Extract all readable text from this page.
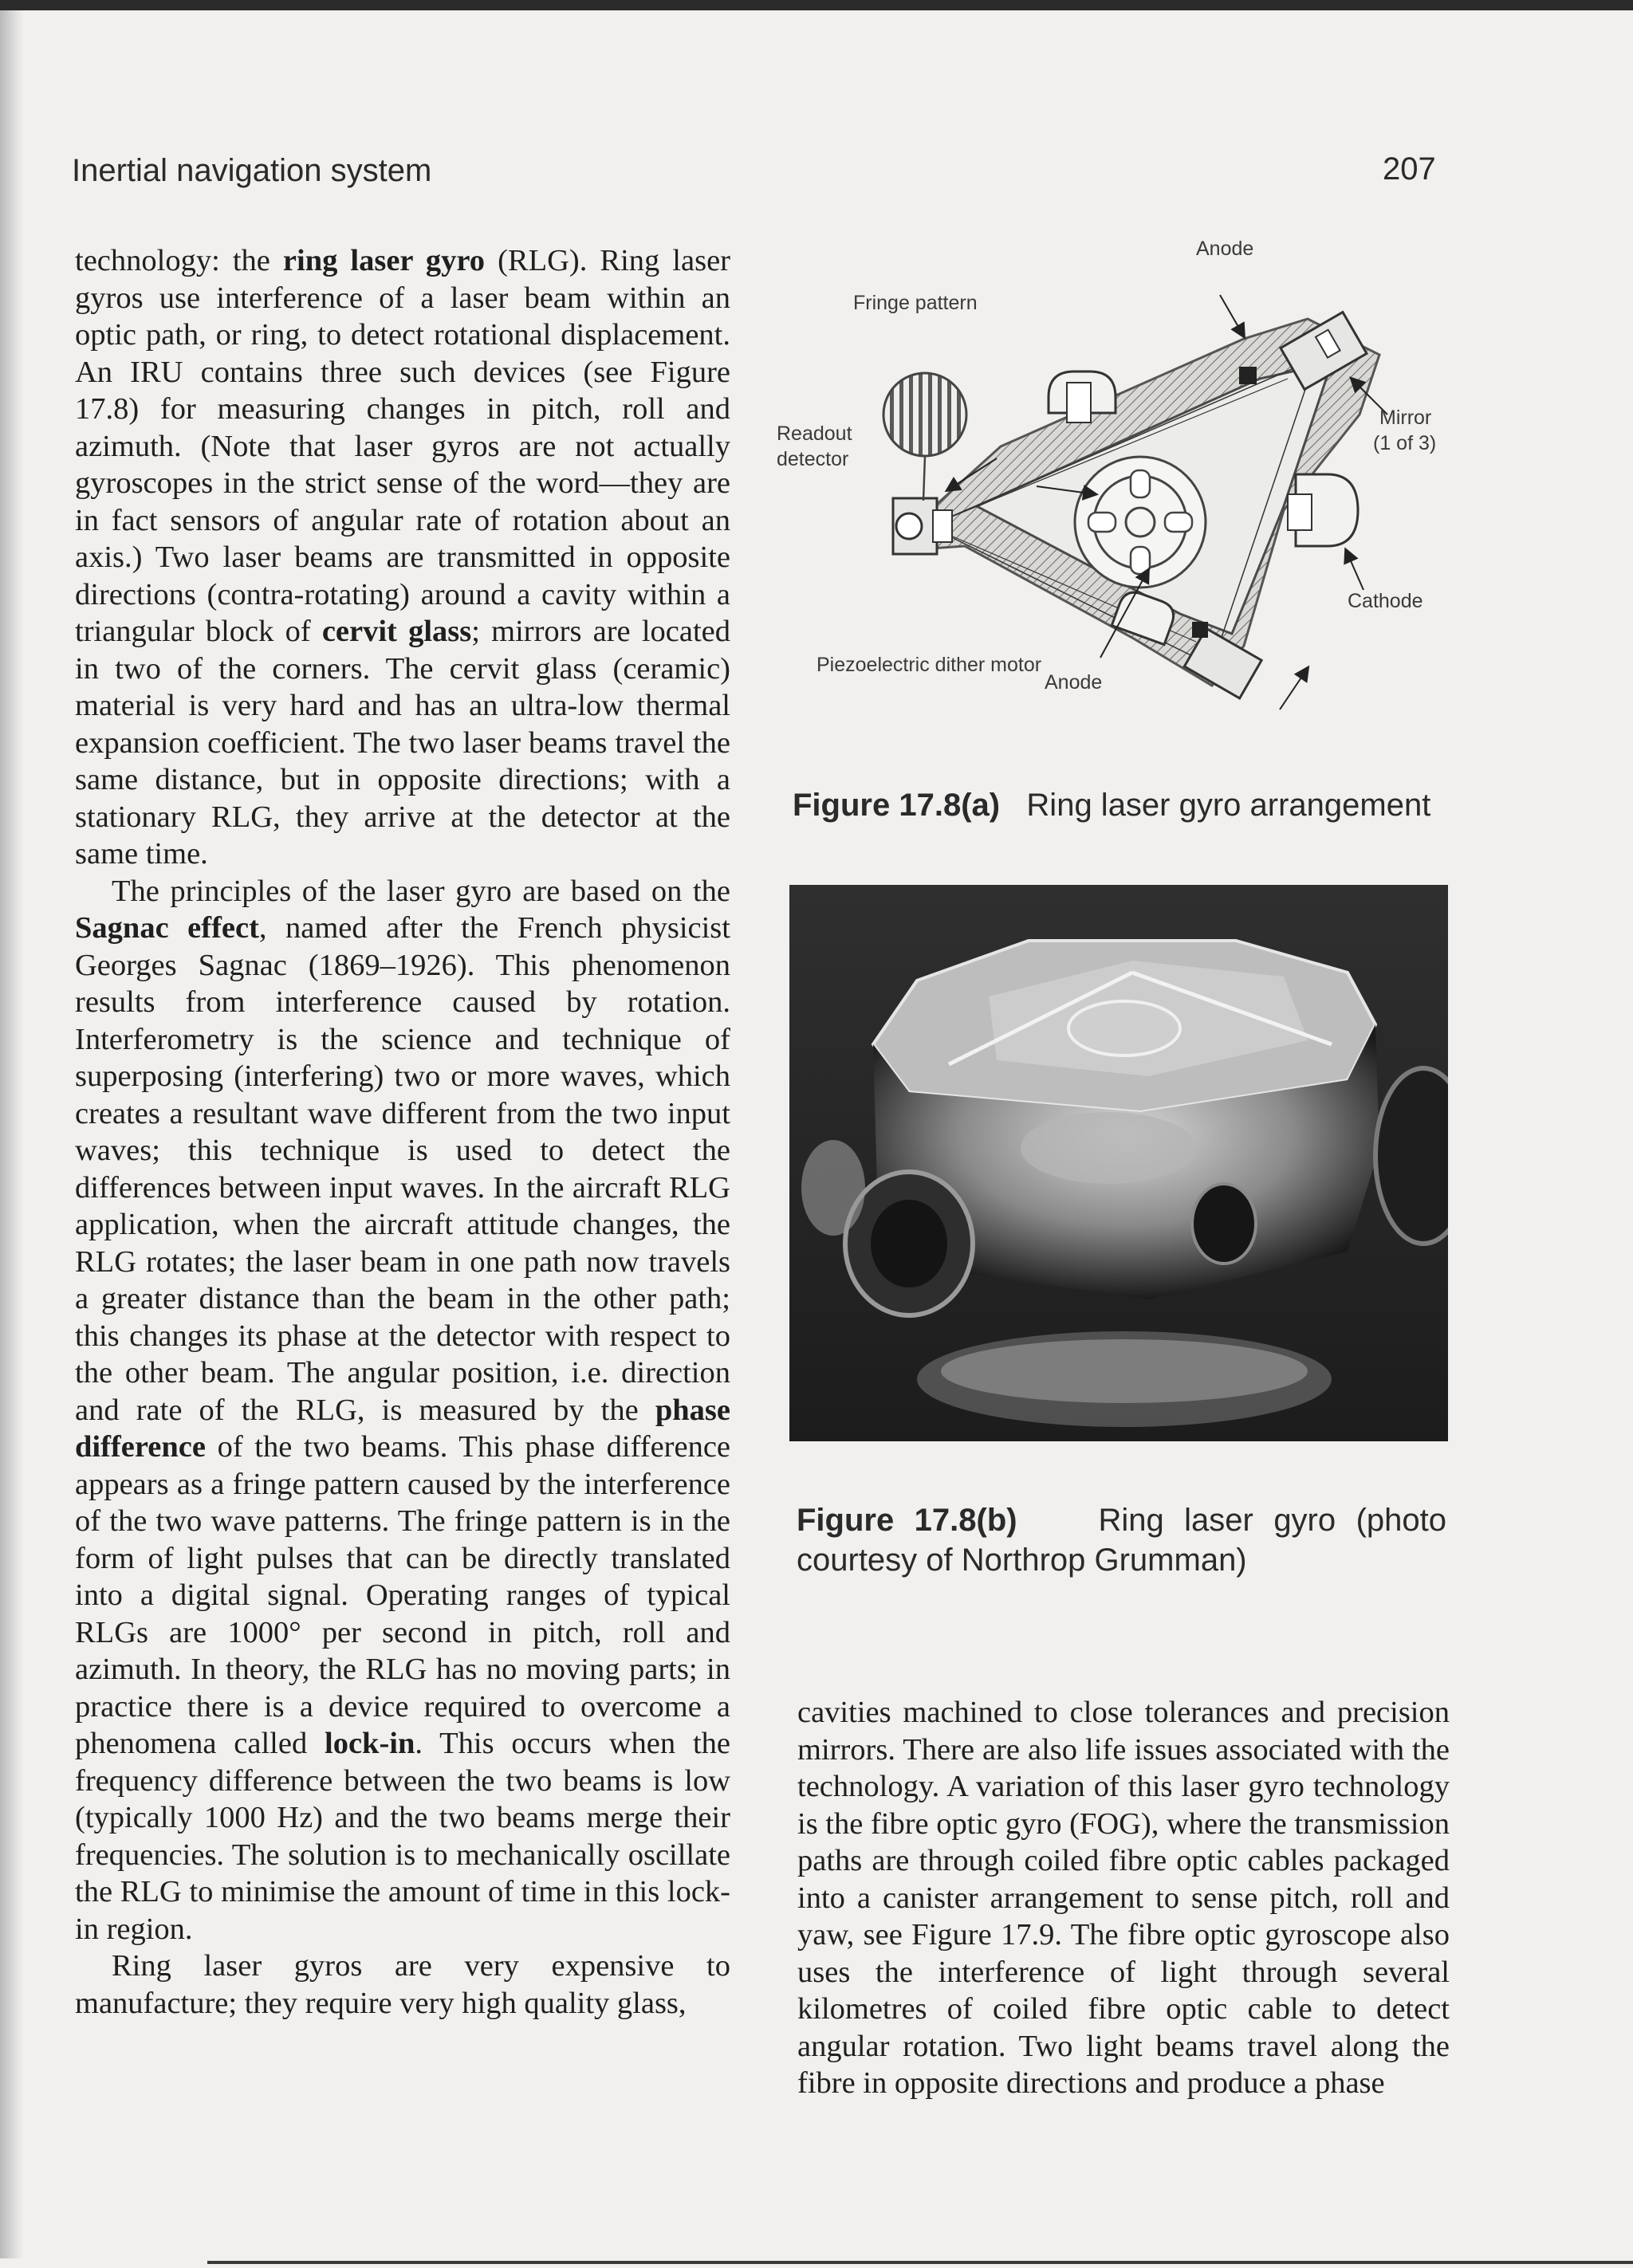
Inertial navigation system	207

technology: the ring laser gyro (RLG). Ring laser gyros use interference of a laser beam within an optic path, or ring, to detect rotational displacement. An IRU contains three such devices (see Figure 17.8) for measuring changes in pitch, roll and azimuth. (Note that laser gyros are not actually gyroscopes in the strict sense of the word—they are in fact sensors of angular rate of rotation about an axis.) Two laser beams are transmitted in opposite directions (contra-rotating) around a cavity within a triangular block of cervit glass; mirrors are located in two of the corners. The cervit glass (ceramic) material is very hard and has an ultra-low thermal expansion coefficient. The two laser beams travel the same distance, but in opposite directions; with a stationary RLG, they arrive at the detector at the same time.

The principles of the laser gyro are based on the Sagnac effect, named after the French physicist Georges Sagnac (1869–1926). This phenomenon results from interference caused by rotation. Interferometry is the science and technique of superposing (interfering) two or more waves, which creates a resultant wave different from the two input waves; this technique is used to detect the differences between input waves. In the aircraft RLG application, when the aircraft attitude changes, the RLG rotates; the laser beam in one path now travels a greater distance than the beam in the other path; this changes its phase at the detector with respect to the other beam. The angular position, i.e. direction and rate of the RLG, is measured by the phase difference of the two beams. This phase difference appears as a fringe pattern caused by the interference of the two wave patterns. The fringe pattern is in the form of light pulses that can be directly translated into a digital signal. Operating ranges of typical RLGs are 1000° per second in pitch, roll and azimuth. In theory, the RLG has no moving parts; in practice there is a device required to overcome a phenomena called lock-in. This occurs when the frequency difference between the two beams is low (typically 1000 Hz) and the two beams merge their frequencies. The solution is to mechanically oscillate the RLG to minimise the amount of time in this lock-in region.

Ring laser gyros are very expensive to manufacture; they require very high quality glass,

Anode
Fringe pattern
Readout
detector
Mirror
(1 of 3)
Cathode
Piezoelectric dither motor
Anode
Figure 17.8(a) Ring laser gyro arrangement
Figure 17.8(b)	Ring laser gyro (photo courtesy of Northrop Grumman)

cavities machined to close tolerances and precision mirrors. There are also life issues associated with the technology. A variation of this laser gyro technology is the fibre optic gyro (FOG), where the transmission paths are through coiled fibre optic cables packaged into a canister arrangement to sense pitch, roll and yaw, see Figure 17.9. The fibre optic gyroscope also uses the interference of light through several kilometres of coiled fibre optic cable to detect angular rotation. Two light beams travel along the fibre in opposite directions and produce a phase
